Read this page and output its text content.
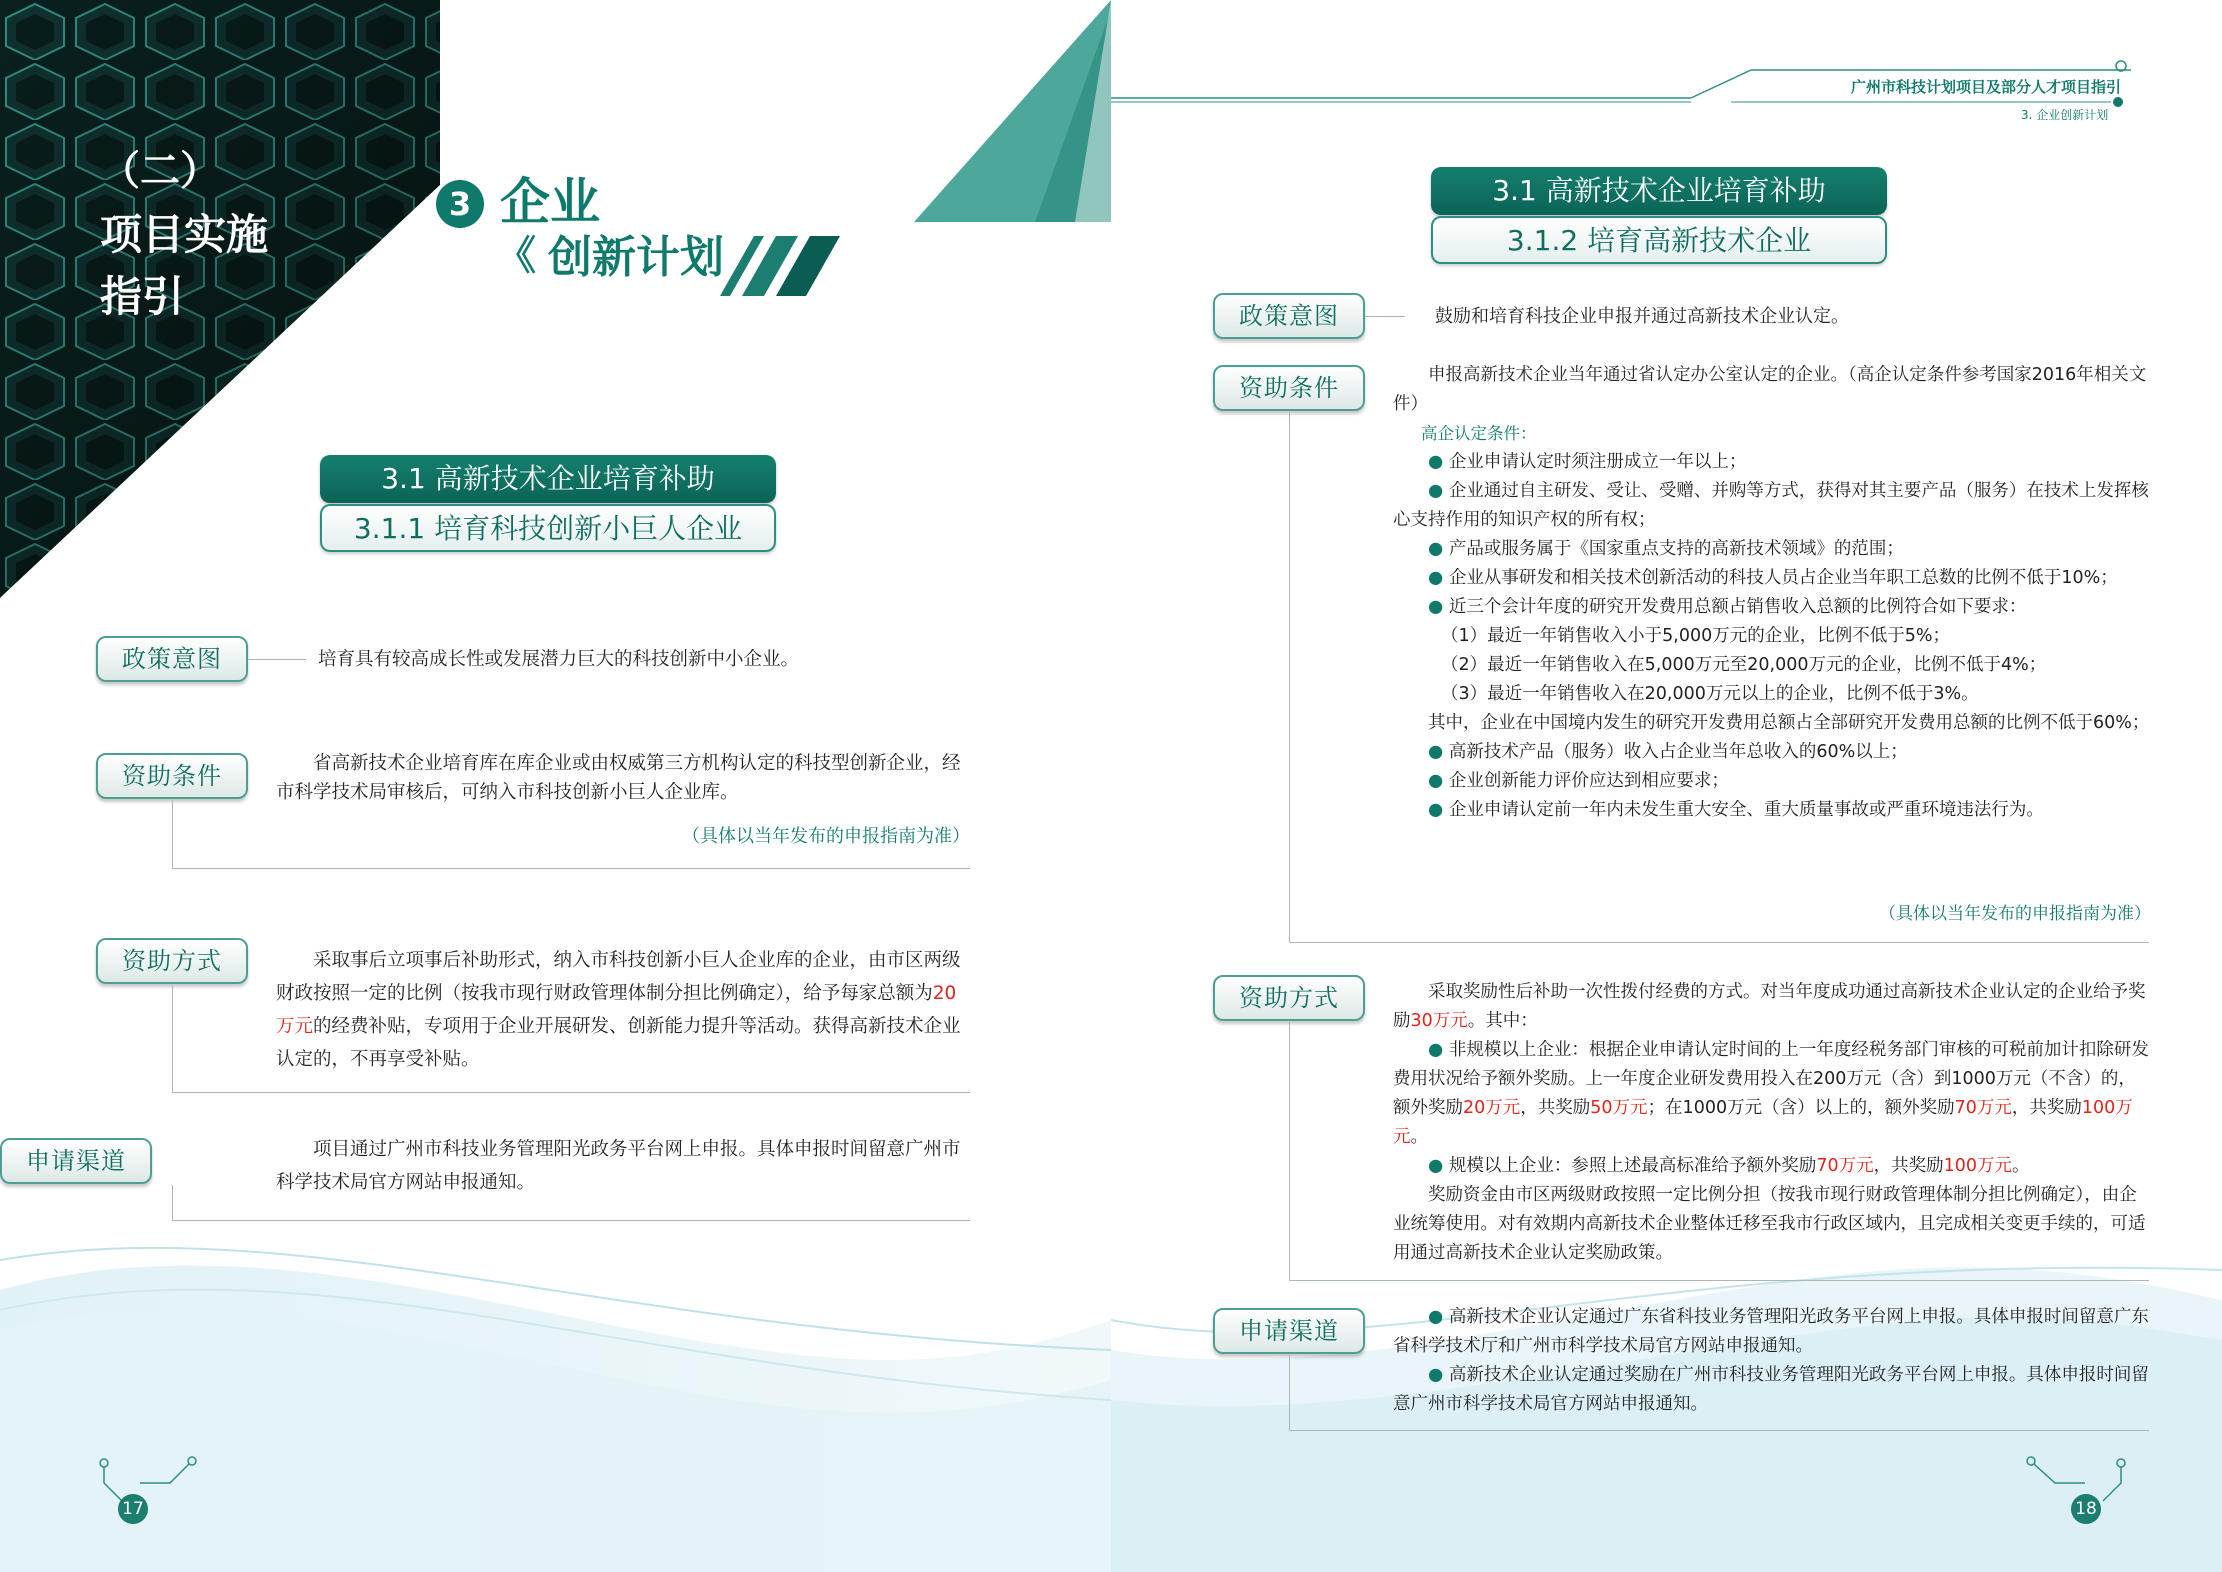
（二）
项目实施
指引
3 企业
《 创新计划
3.1 高新技术企业培育补助
3.1.1 培育科技创新小巨人企业
政策意图	培育具有较高成长性或发展潜力巨大的科技创新中小企业。
资助条件	省高新技术企业培育库在库企业或由权威第三方机构认定的科技型创新企业，经市科学技术局审核后，可纳入市科技创新小巨人企业库。

（具体以当年发布的申报指南为准）
资助方式	采取事后立项事后补助形式，纳入市科技创新小巨人企业库的企业，由市区两级财政按照一定的比例（按我市现行财政管理体制分担比例确定），给予每家总额为20万元的经费补贴，专项用于企业开展研发、创新能力提升等活动。获得高新技术企业认定的，不再享受补贴。

申请渠道	项目通过广州市科技业务管理阳光政务平台网上申报。具体申报时间留意广州市科学技术局官方网站申报通知。

17
广州市科技计划项目及部分人才项目指引
3. 企业创新计划
3.1 高新技术企业培育补助
3.1.2 培育高新技术企业
政策意图	鼓励和培育科技企业申报并通过高新技术企业认定。
资助条件	申报高新技术企业当年通过省认定办公室认定的企业。（高企认定条件参考国家2016年相关文件）

高企认定条件：

● 企业申请认定时须注册成立一年以上；

● 企业通过自主研发、受让、受赠、并购等方式，获得对其主要产品（服务）在技术上发挥核心支持作用的知识产权的所有权；

● 产品或服务属于《国家重点支持的高新技术领域》的范围；

● 企业从事研发和相关技术创新活动的科技人员占企业当年职工总数的比例不低于10%；

● 近三个会计年度的研究开发费用总额占销售收入总额的比例符合如下要求：

（1）最近一年销售收入小于5,000万元的企业，比例不低于5%；

（2）最近一年销售收入在5,000万元至20,000万元的企业，比例不低于4%；

（3）最近一年销售收入在20,000万元以上的企业，比例不低于3%。

其中，企业在中国境内发生的研究开发费用总额占全部研究开发费用总额的比例不低于60%；

● 高新技术产品（服务）收入占企业当年总收入的60%以上；

● 企业创新能力评价应达到相应要求；

● 企业申请认定前一年内未发生重大安全、重大质量事故或严重环境违法行为。

（具体以当年发布的申报指南为准）
资助方式	采取奖励性后补助一次性拨付经费的方式。对当年度成功通过高新技术企业认定的企业给予奖励30万元。其中：

● 非规模以上企业：根据企业申请认定时间的上一年度经税务部门审核的可税前加计扣除研发费用状况给予额外奖励。上一年度企业研发费用投入在200万元（含）到1000万元（不含）的，额外奖励20万元，共奖励50万元；在1000万元（含）以上的，额外奖励70万元，共奖励100万元。

● 规模以上企业：参照上述最高标准给予额外奖励70万元，共奖励100万元。

奖励资金由市区两级财政按照一定比例分担（按我市现行财政管理体制分担比例确定），由企业统筹使用。对有效期内高新技术企业整体迁移至我市行政区域内，且完成相关变更手续的，可适用通过高新技术企业认定奖励政策。

申请渠道	● 高新技术企业认定通过广东省科技业务管理阳光政务平台网上申报。具体申报时间留意广东省科学技术厅和广州市科学技术局官方网站申报通知。

● 高新技术企业认定通过奖励在广州市科技业务管理阳光政务平台网上申报。具体申报时间留意广州市科学技术局官方网站申报通知。

18
